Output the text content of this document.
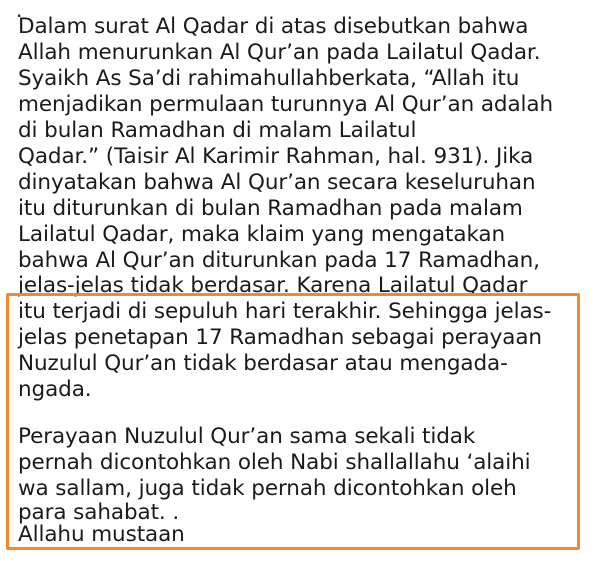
.
Dalam surat Al Qadar di atas disebutkan bahwa
Allah menurunkan Al Qur’an pada Lailatul Qadar.
Syaikh As Sa’di rahimahullahberkata, “Allah itu
menjadikan permulaan turunnya Al Qur’an adalah
di bulan Ramadhan di malam Lailatul
Qadar.” (Taisir Al Karimir Rahman, hal. 931). Jika
dinyatakan bahwa Al Qur’an secara keseluruhan
itu diturunkan di bulan Ramadhan pada malam
Lailatul Qadar, maka klaim yang mengatakan
bahwa Al Qur’an diturunkan pada 17 Ramadhan,
jelas-jelas tidak berdasar. Karena Lailatul Qadar
itu terjadi di sepuluh hari terakhir. Sehingga jelas-
jelas penetapan 17 Ramadhan sebagai perayaan
Nuzulul Qur’an tidak berdasar atau mengada-
ngada.
Perayaan Nuzulul Qur’an sama sekali tidak
pernah dicontohkan oleh Nabi shallallahu ‘alaihi
wa sallam, juga tidak pernah dicontohkan oleh
para sahabat. .
Allahu mustaan
